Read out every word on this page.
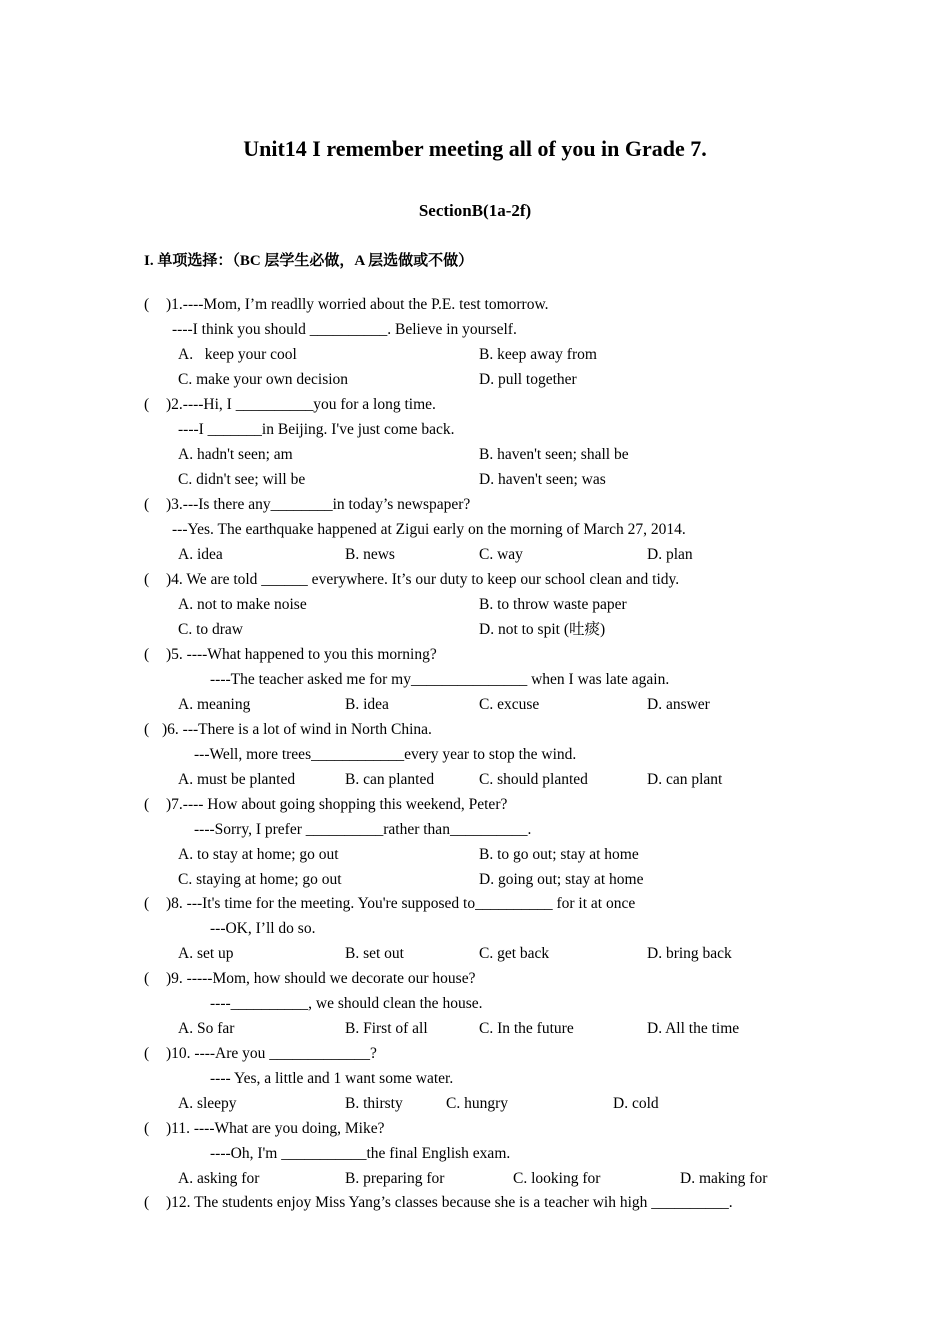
Unit14 I remember meeting all of you in Grade 7.
SectionB(1a-2f)
I. 单项选择：（BC 层学生必做，A 层选做或不做）
( )1.----Mom, I’m readlly worried about the P.E. test tomorrow.
----I think you should __________. Believe in yourself.
A.   keep your cool	B. keep away from
C. make your own decision	D. pull together
( )2.----Hi, I __________you for a long time.
----I _______in Beijing. I've just come back.
A. hadn't seen; am	B. haven't seen; shall be
C. didn't see; will be	D. haven't seen; was
( )3.---Is there any________in today’s newspaper?
---Yes. The earthquake happened at Zigui early on the morning of March 27, 2014.
A. idea	B. news	C. way	D. plan
( )4. We are told ______ everywhere. It’s our duty to keep our school clean and tidy.
A. not to make noise	B. to throw waste paper
C. to draw	D. not to spit (吐痰)
( )5. ----What happened to you this morning?
----The teacher asked me for my_______________ when I was late again.
A. meaning	B. idea	C. excuse	D. answer
( )6. ---There is a lot of wind in North China.
---Well, more trees____________every year to stop the wind.
A. must be planted	B. can planted	C. should planted	D. can plant
( )7.---- How about going shopping this weekend, Peter?
----Sorry, I prefer __________rather than__________.
A. to stay at home; go out	B. to go out; stay at home
C. staying at home; go out	D. going out; stay at home
( )8. ---It's time for the meeting. You're supposed to__________ for it at once
---OK, I’ll do so.
A. set up	B. set out	C. get back	D. bring back
( )9. -----Mom, how should we decorate our house?
----__________, we should clean the house.
A. So far	B. First of all	C. In the future	D. All the time
( )10. ----Are you _____________?
---- Yes, a little and 1 want some water.
A. sleepy	B. thirsty	C. hungry	D. cold
( )11. ----What are you doing, Mike?
----Oh, I'm ___________the final English exam.
A. asking for	B. preparing for	C. looking for	D. making for
( )12. The students enjoy Miss Yang’s classes because she is a teacher wih high __________.
